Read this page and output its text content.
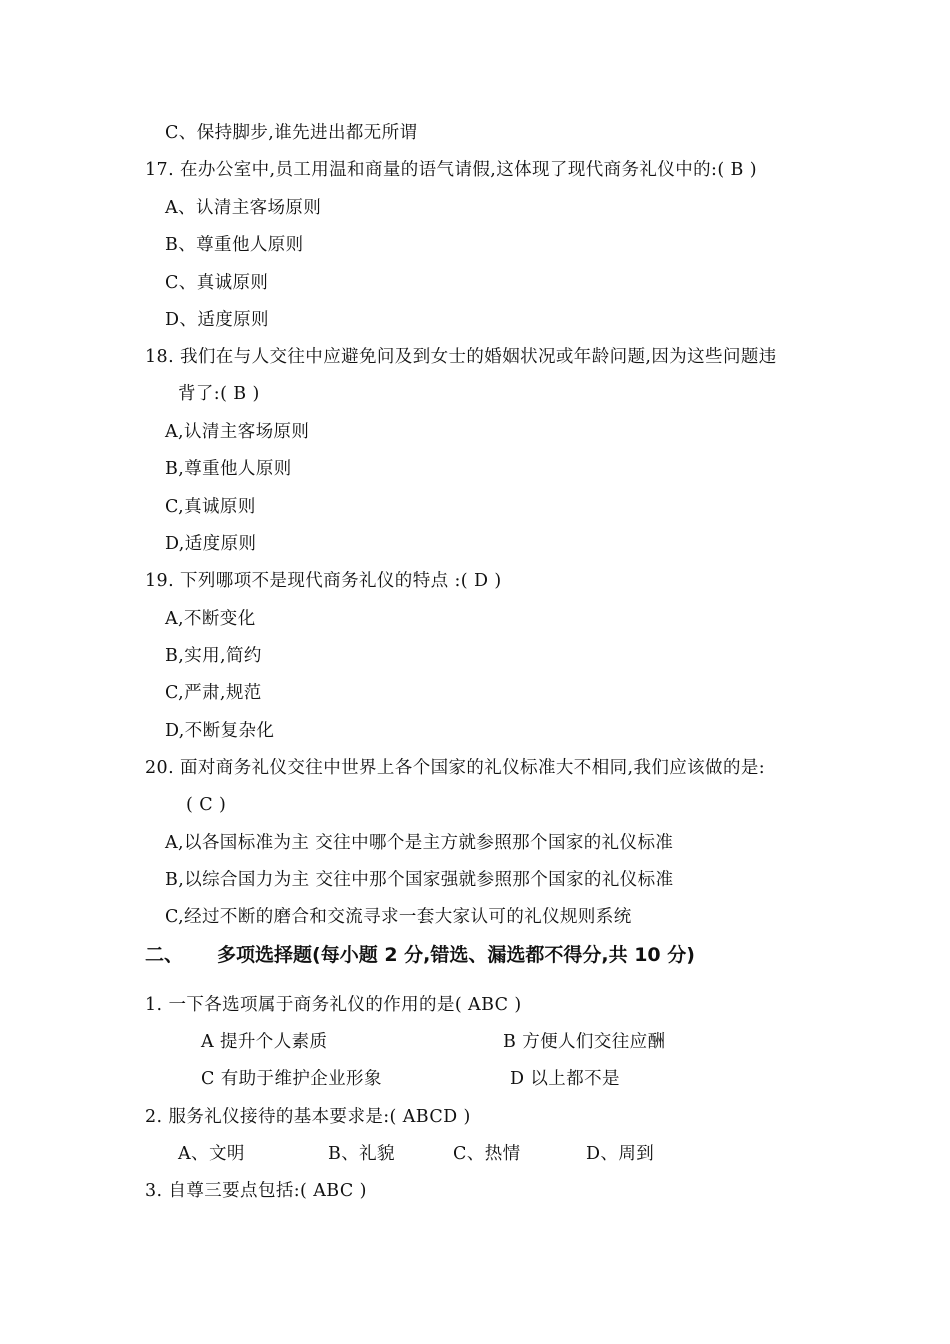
C、保持脚步,谁先进出都无所谓
17. 在办公室中,员工用温和商量的语气请假,这体现了现代商务礼仪中的:( B )
A、认清主客场原则
B、尊重他人原则
C、真诚原则
D、适度原则
18. 我们在与人交往中应避免问及到女士的婚姻状况或年龄问题,因为这些问题违
背了:( B )
A,认清主客场原则
B,尊重他人原则
C,真诚原则
D,适度原则
19. 下列哪项不是现代商务礼仪的特点 :( D )
A,不断变化
B,实用,简约
C,严肃,规范
D,不断复杂化
20. 面对商务礼仪交往中世界上各个国家的礼仪标准大不相同,我们应该做的是:
( C )
A,以各国标准为主 交往中哪个是主方就参照那个国家的礼仪标准
B,以综合国力为主 交往中那个国家强就参照那个国家的礼仪标准
C,经过不断的磨合和交流寻求一套大家认可的礼仪规则系统
二、 多项选择题(每小题 2 分,错选、漏选都不得分,共 10 分)
1. 一下各选项属于商务礼仪的作用的是( ABC )
A 提升个人素质	B 方便人们交往应酬
C 有助于维护企业形象	D 以上都不是
2. 服务礼仪接待的基本要求是:( ABCD )
A、文明	B、礼貌	C、热情	D、周到
3. 自尊三要点包括:( ABC )
